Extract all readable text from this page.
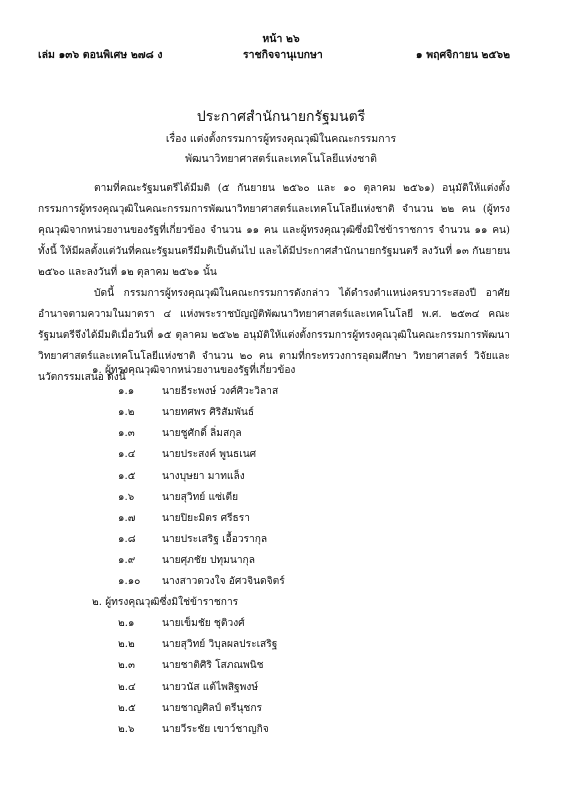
หน้า ๒๖
เล่ม ๑๓๖ ตอนพิเศษ ๒๗๘ ง	ราชกิจจานุเบกษา	๑ พฤศจิกายน ๒๕๖๒
ประกาศสำนักนายกรัฐมนตรี
เรื่อง แต่งตั้งกรรมการผู้ทรงคุณวุฒิในคณะกรรมการ
พัฒนาวิทยาศาสตร์และเทคโนโลยีแห่งชาติ

ตามที่คณะรัฐมนตรีได้มีมติ (๕ กันยายน ๒๕๖๐ และ ๑๐ ตุลาคม ๒๕๖๑) อนุมัติให้แต่งตั้งกรรมการผู้ทรงคุณวุฒิในคณะกรรมการพัฒนาวิทยาศาสตร์และเทคโนโลยีแห่งชาติ จำนวน ๒๒ คน (ผู้ทรงคุณวุฒิจากหน่วยงานของรัฐที่เกี่ยวข้อง จำนวน ๑๑ คน และผู้ทรงคุณวุฒิซึ่งมิใช่ข้าราชการ จำนวน ๑๑ คน) ทั้งนี้ ให้มีผลตั้งแต่วันที่คณะรัฐมนตรีมีมติเป็นต้นไป และได้มีประกาศสำนักนายกรัฐมนตรี ลงวันที่ ๑๓ กันยายน ๒๕๖๐ และลงวันที่ ๑๒ ตุลาคม ๒๕๖๑ นั้น

บัดนี้ กรรมการผู้ทรงคุณวุฒิในคณะกรรมการดังกล่าว ได้ดำรงตำแหน่งครบวาระสองปี อาศัยอำนาจตามความในมาตรา ๔ แห่งพระราชบัญญัติพัฒนาวิทยาศาสตร์และเทคโนโลยี พ.ศ. ๒๕๓๔ คณะรัฐมนตรีจึงได้มีมติเมื่อวันที่ ๑๕ ตุลาคม ๒๕๖๒ อนุมัติให้แต่งตั้งกรรมการผู้ทรงคุณวุฒิในคณะกรรมการพัฒนาวิทยาศาสตร์และเทคโนโลยีแห่งชาติ จำนวน ๒๐ คน ตามที่กระทรวงการอุดมศึกษา วิทยาศาสตร์ วิจัยและนวัตกรรมเสนอ ดังนี้

๑. ผู้ทรงคุณวุฒิจากหน่วยงานของรัฐที่เกี่ยวข้อง
๑.๑	นายธีระพงษ์ วงศ์ศิวะวิลาส
๑.๒	นายทศพร ศิริสัมพันธ์
๑.๓	นายชูศักดิ์ ลิ่มสกุล
๑.๔	นายประสงค์ พูนธเนศ
๑.๕	นางบุษยา มาทแล็ง
๑.๖	นายสุวิทย์ แซ่เตีย
๑.๗	นายปิยะมิตร ศรีธรา
๑.๘	นายประเสริฐ เอื้อวรากุล
๑.๙	นายศุภชัย ปทุมนากุล
๑.๑๐ นางสาวดวงใจ อัศวจินดจิตร์
๒. ผู้ทรงคุณวุฒิซึ่งมิใช่ข้าราชการ
๒.๑	นายเข็มชัย ชุติวงศ์
๒.๒	นายสุวิทย์ วิบุลผลประเสริฐ
๒.๓	นายชาติศิริ โสภณพนิช
๒.๔	นายวนัส แต้ไพสิฐพงษ์
๒.๕	นายชาญศิลป์ ตรีนุชกร
๒.๖	นายวีระชัย เขาว์ชาญกิจ
